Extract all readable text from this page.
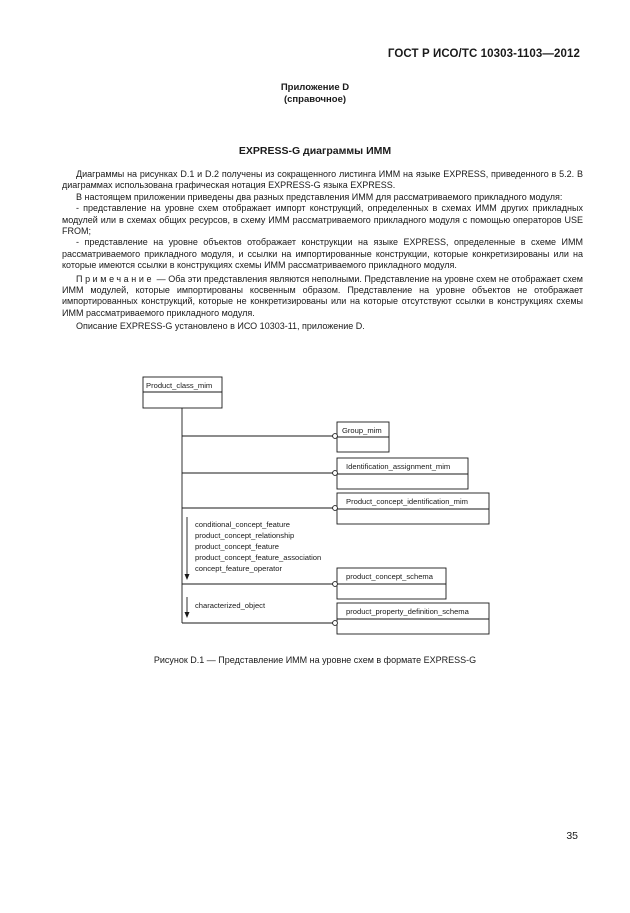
ГОСТ Р ИСО/ТС 10303-1103—2012
Приложение D
(справочное)
EXPRESS-G диаграммы ИММ

Диаграммы на рисунках D.1 и D.2 получены из сокращенного листинга ИММ на языке EXPRESS, приведенного в 5.2. В диаграммах использована графическая нотация EXPRESS-G языка EXPRESS.

В настоящем приложении приведены два разных представления ИММ для рассматриваемого прикладного модуля:

- представление на уровне схем отображает импорт конструкций, определенных в схемах ИММ других прикладных модулей или в схемах общих ресурсов, в схему ИММ рассматриваемого прикладного модуля с помощью операторов USE FROM;

- представление на уровне объектов отображает конструкции на языке EXPRESS, определенные в схеме ИММ рассматриваемого прикладного модуля, и ссылки на импортированные конструкции, которые конкретизированы или на которые имеются ссылки в конструкциях схемы ИММ рассматриваемого прикладного модуля.

Примечание — Оба эти представления являются неполными. Представление на уровне схем не отображает схем ИММ модулей, которые импортированы косвенным образом. Представление на уровне объектов не отображает импортированных конструкций, которые не конкретизированы или на которые отсутствуют ссылки в конструкциях схемы ИММ рассматриваемого прикладного модуля.

Описание EXPRESS-G установлено в ИСО 10303-11, приложение D.

Product_class_mim
Group_mim
Identification_assignment_mim
Product_concept_identification_mim
product_concept_schema
product_property_definition_schema
conditional_concept_feature
product_concept_relationship
product_concept_feature
product_concept_feature_association
concept_feature_operator
characterized_object
Рисунок D.1 — Представление ИММ на уровне схем в формате EXPRESS-G
35
